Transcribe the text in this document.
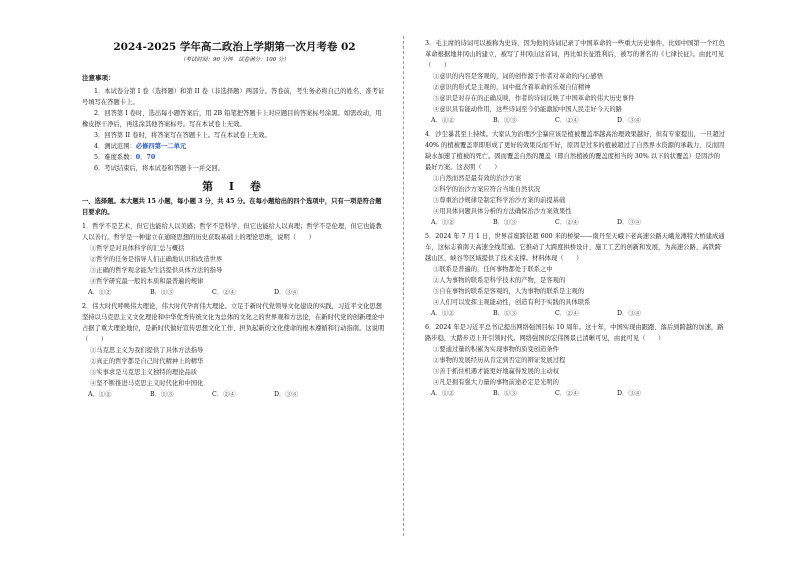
2024-2025 学年高二政治上学期第一次月考卷 02
（考试时间：90 分钟　试卷满分：100 分）
注意事项：
1．本试卷分第 I 卷（选择题）和第 II 卷（非选择题）两部分。答卷前，考生务必将自己的姓名、准考证号填写在答题卡上。
2．回答第 I 卷时，选出每小题答案后，用 2B 铅笔把答题卡上对应题目的答案标号涂黑。如需改动，用橡皮擦干净后，再选涂其他答案标号。写在本试卷上无效。
3．回答第 II 卷时，将答案写在答题卡上。写在本试卷上无效。
4．测试范围：必修四第一二单元
5．难度系数：0．70
6．考试结束后，将本试卷和答题卡一并交回。
第 I 卷
一、选择题。本大题共 15 小题，每小题 3 分，共 45 分。在每小题给出的四个选项中，只有一项是符合题目要求的。
1．哲学不是艺术，但它也能给人以美感；哲学不是科学，但它也能给人以真理；哲学不是伦理，但它也能教人以善行。哲学是一种建立在通晓思想的历史获取基础上的理论思维，说明（　　）
①哲学是对具体科学的汇总与概括
②哲学的任务是指导人们正确地认识和改造世界
③正确的哲学观念能为生活提供具体方法的指导
④哲学研究最一般的本质和最普遍的规律
A．①②	B．①③	C．②④	D．③④
2．伟大时代呼唤伟大理论，伟大时代孕育伟大理论。立足于新时代党领导文化建设的实践，习近平文化思想坚持以马克思主义文化理论和中华优秀传统文化为总体的文化之的世界观和方法论，在新时代党的创新理论中占据了重大理论地位，是新时代做好宣传思想文化工作、担负起新的文化使命的根本遵循和行动指南。这说明（　　）
①马克思主义为我们提供了具体方法指导
②真正的哲学都是自己时代精神上的精华
③实事求是马克思主义独特的理论品质
④坚不断推进马克思主义时代化和中国化
A．①②	B．①③	C．②④	D．③④
3．毛主席的诗词可以被称为史诗，因为他的诗词记录了中国革命的一些重大历史事件，比如中国第一个红色革命根据地井冈山的建立，被写了井冈山这首词，再比如长征胜利后，被写的著名的《七律长征》。由此可见（　　）
①意识的内容是客观的，词的创作源于作者对革命的内心感悟
②意识的形式是主观的，词中蕴含着革命的乐观自信精神
③意识是对存在的正确反映，作者的诗词反映了中国革命的伟大历史事件
④意识具有能动作用，这些诗词至今仍能激励中国人民走好今天的路
A．①②	B．①③	C．②④	D．③④
4．沙尘暴甚至上持续。大家认为治理沙尘暴应该是植被覆盖率越高治理效果越好，但有专家提出，一旦超过 40% 的植被覆盖率即形成了更好的效果反而不好，原因是过多的植被超过了自然界水资源的承载力，反而因缺水加速了植被的死亡。固而覆盖自然的覆盖（即自然植被的覆盖度相当的 30% 以下的状覆盖）是因沙的最好方案。这表明（　　）
①自然而然是最有效的治沙方案
②科学的治沙方案应符合当地自然状况
③尊重治沙规律是制定科学治沙方案的前提基础
④用具体问题具体分析的方法确保治沙方案效果性
A．①②	B．①③	C．②④	D．③④
5．2024 年 7 月 1 日，世界首座跨径超 600 米的桥梁——南丹至天峨下老高速公路天峨龙滩特大桥建成通车，这标志着南天高速全线贯通。它推动了大跨度拱桥设计、施工工艺的创新和发展，为高速公路、高铁跨越山区、峡谷等区域提供了技术支撑。材料体现（　　）
①联系是普遍的，任何事物都处于联系之中
②人为事物的联系是科学技术的产物，是客观的
③自在事物的联系是客观的，人为事物的联系是主观的
④人们可以发挥主观能动性，创造有利于实践的具体联系
A．①②	B．①③	C．②④	D．③④
6．2024 年是习近平总书记提出网络强国目标 10 周年。这十年，中国实现由跟跑、落后到跨越的加速，路路步稳，大踏步迈上开引领时代。网络强国的宏伟图景已清晰可见，由此可见（　　）
①要通过量的积累为实现事物的质变创造条件
②事物的发展经历从肯定到否定的辩证发展过程
③善于抓住机遇才能更好地赢得发展的主动权
④凡是拥有强大力量的事物前途必定是光明的
A．①②	B．①③	C．②④	D．③④
